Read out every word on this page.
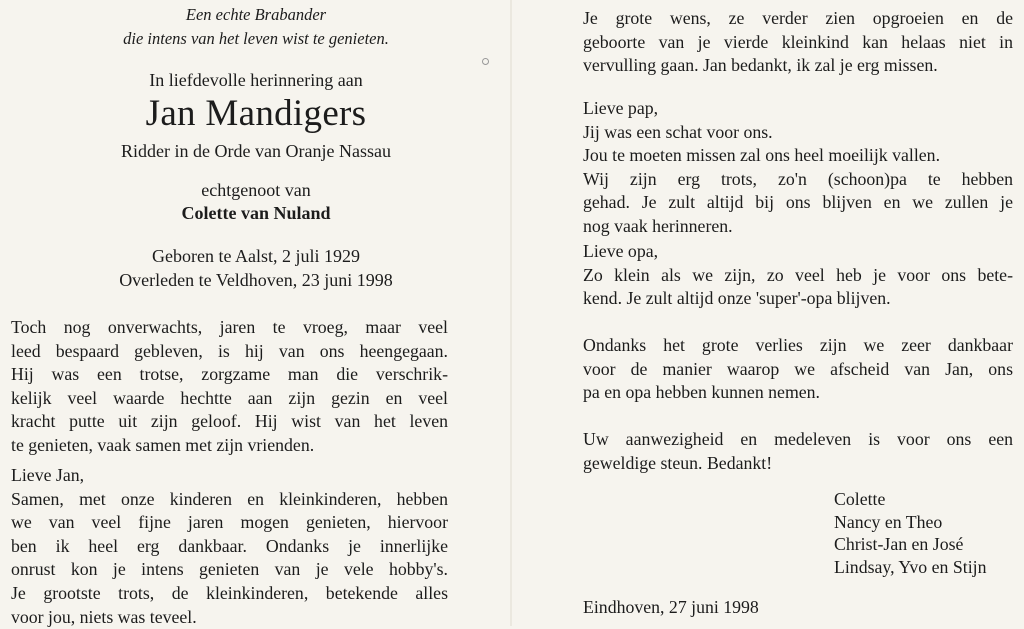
Een echte Brabander
die intens van het leven wist te genieten.
In liefdevolle herinnering aan
Jan Mandigers
Ridder in de Orde van Oranje Nassau
echtgenoot van
Colette van Nuland
Geboren te Aalst, 2 juli 1929
Overleden te Veldhoven, 23 juni 1998
Toch nog onverwachts, jaren te vroeg, maar veel
leed bespaard gebleven, is hij van ons heengegaan.
Hij was een trotse, zorgzame man die verschrik-
kelijk veel waarde hechtte aan zijn gezin en veel
kracht putte uit zijn geloof. Hij wist van het leven
te genieten, vaak samen met zijn vrienden.
Lieve Jan,
Samen, met onze kinderen en kleinkinderen, hebben
we van veel fijne jaren mogen genieten, hiervoor
ben ik heel erg dankbaar. Ondanks je innerlijke
onrust kon je intens genieten van je vele hobby's.
Je grootste trots, de kleinkinderen, betekende alles
voor jou, niets was teveel.
Je grote wens, ze verder zien opgroeien en de
geboorte van je vierde kleinkind kan helaas niet in
vervulling gaan. Jan bedankt, ik zal je erg missen.
Lieve pap,
Jij was een schat voor ons.
Jou te moeten missen zal ons heel moeilijk vallen.
Wij zijn erg trots, zo'n (schoon)pa te hebben
gehad. Je zult altijd bij ons blijven en we zullen je
nog vaak herinneren.
Lieve opa,
Zo klein als we zijn, zo veel heb je voor ons bete-
kend. Je zult altijd onze 'super'-opa blijven.
Ondanks het grote verlies zijn we zeer dankbaar
voor de manier waarop we afscheid van Jan, ons
pa en opa hebben kunnen nemen.
Uw aanwezigheid en medeleven is voor ons een
geweldige steun. Bedankt!
Colette
Nancy en Theo
Christ-Jan en José
Lindsay, Yvo en Stijn
Eindhoven, 27 juni 1998
